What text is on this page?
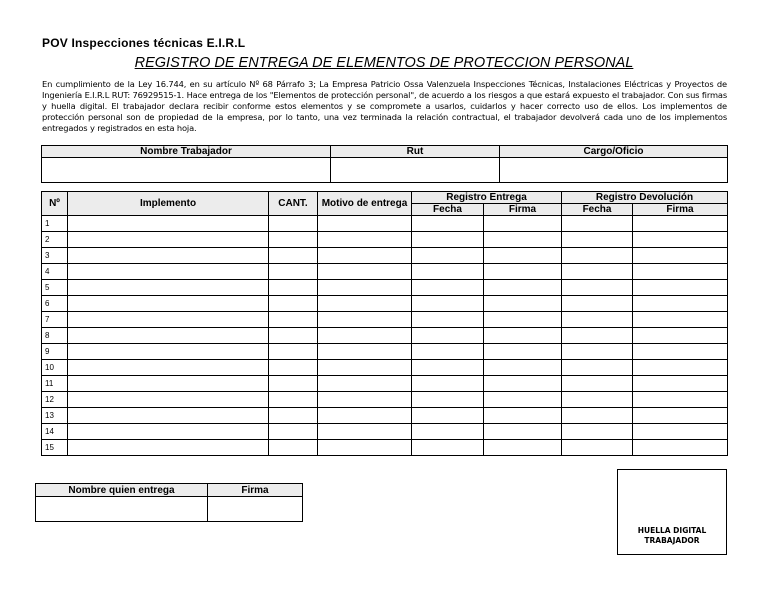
POV Inspecciones técnicas E.I.R.L
REGISTRO DE ENTREGA DE ELEMENTOS DE PROTECCION PERSONAL
En cumplimiento de la Ley 16.744, en su artículo Nº 68 Párrafo 3; La Empresa Patricio Ossa Valenzuela Inspecciones Técnicas, Instalaciones Eléctricas y Proyectos de Ingeniería E.I.R.L RUT: 76929515-1. Hace entrega de los "Elementos de protección personal", de acuerdo a los riesgos a que estará expuesto el trabajador. Con sus firmas y huella digital. El trabajador declara recibir conforme estos elementos y se compromete a usarlos, cuidarlos y hacer correcto uso de ellos. Los implementos de protección personal son de propiedad de la empresa, por lo tanto, una vez terminada la relación contractual, el trabajador devolverá cada uno de los implementos entregados y registrados en esta hoja.
Nombre Trabajador	Rut	Cargo/Oficio

Nº	Implemento	CANT.	Motivo de entrega	Registro Entrega		Registro Devolución	
				Fecha	Firma	Fecha	Firma
1							
2							
3							
4							
5							
6							
7							
8							
9							
10							
11							
12							
13							
14							
15							
Nombre quien entrega	Firma

HUELLA DIGITAL
TRABAJADOR
